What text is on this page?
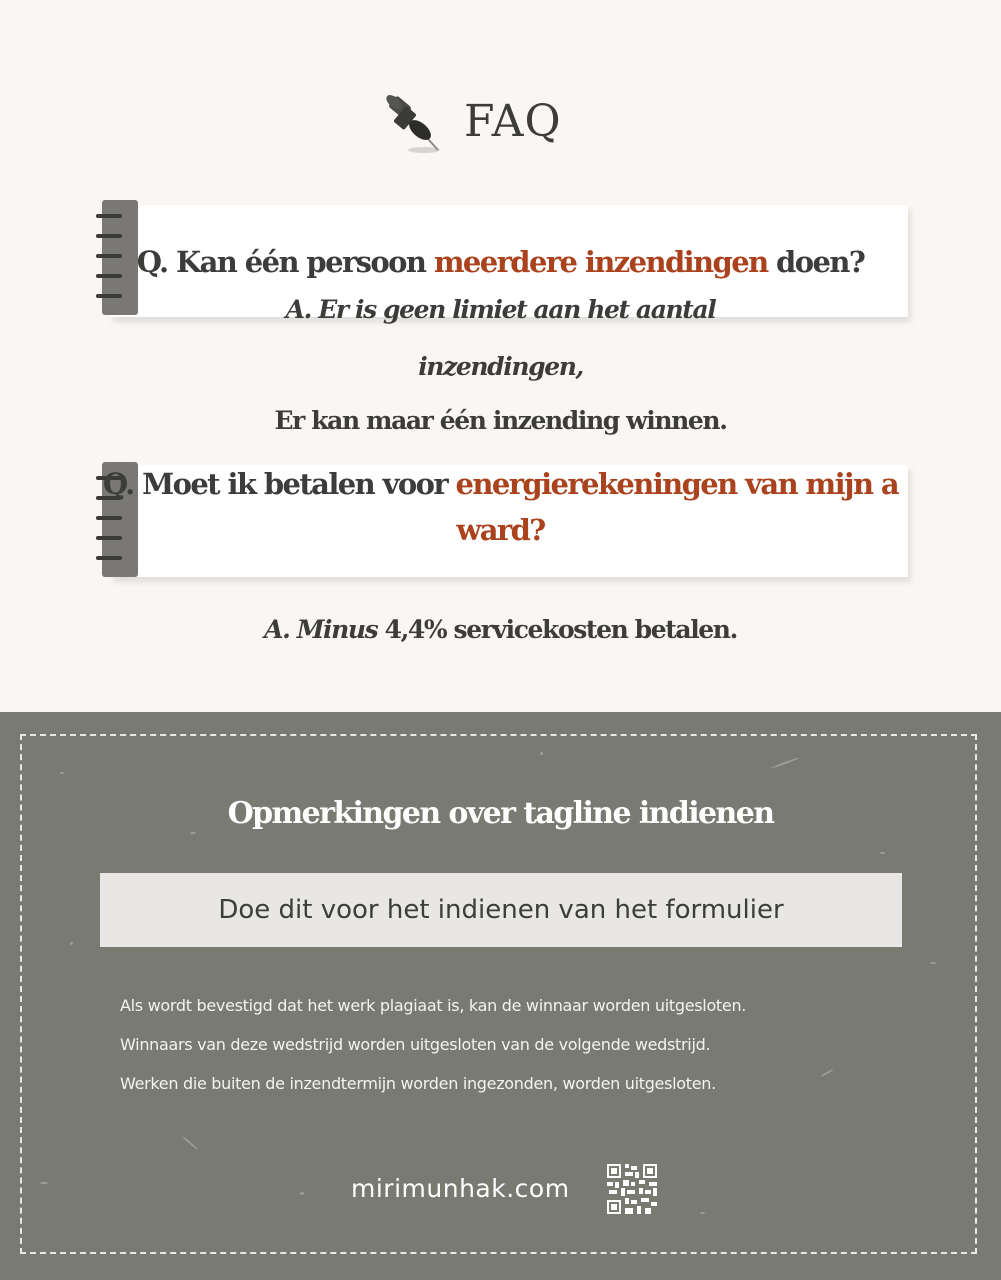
FAQ
Q. Kan één persoon meerdere inzendingen doen?
A. Er is geen limiet aan het aantal
inzendingen,
Er kan maar één inzending winnen.
Q. Moet ik betalen voor energierekeningen van mijn a
ward?
A. Minus 4,4% servicekosten betalen.
Opmerkingen over tagline indienen
Doe dit voor het indienen van het formulier
Als wordt bevestigd dat het werk plagiaat is, kan de winnaar worden uitgesloten.
Winnaars van deze wedstrijd worden uitgesloten van de volgende wedstrijd.
Werken die buiten de inzendtermijn worden ingezonden, worden uitgesloten.
mirimunhak.com
